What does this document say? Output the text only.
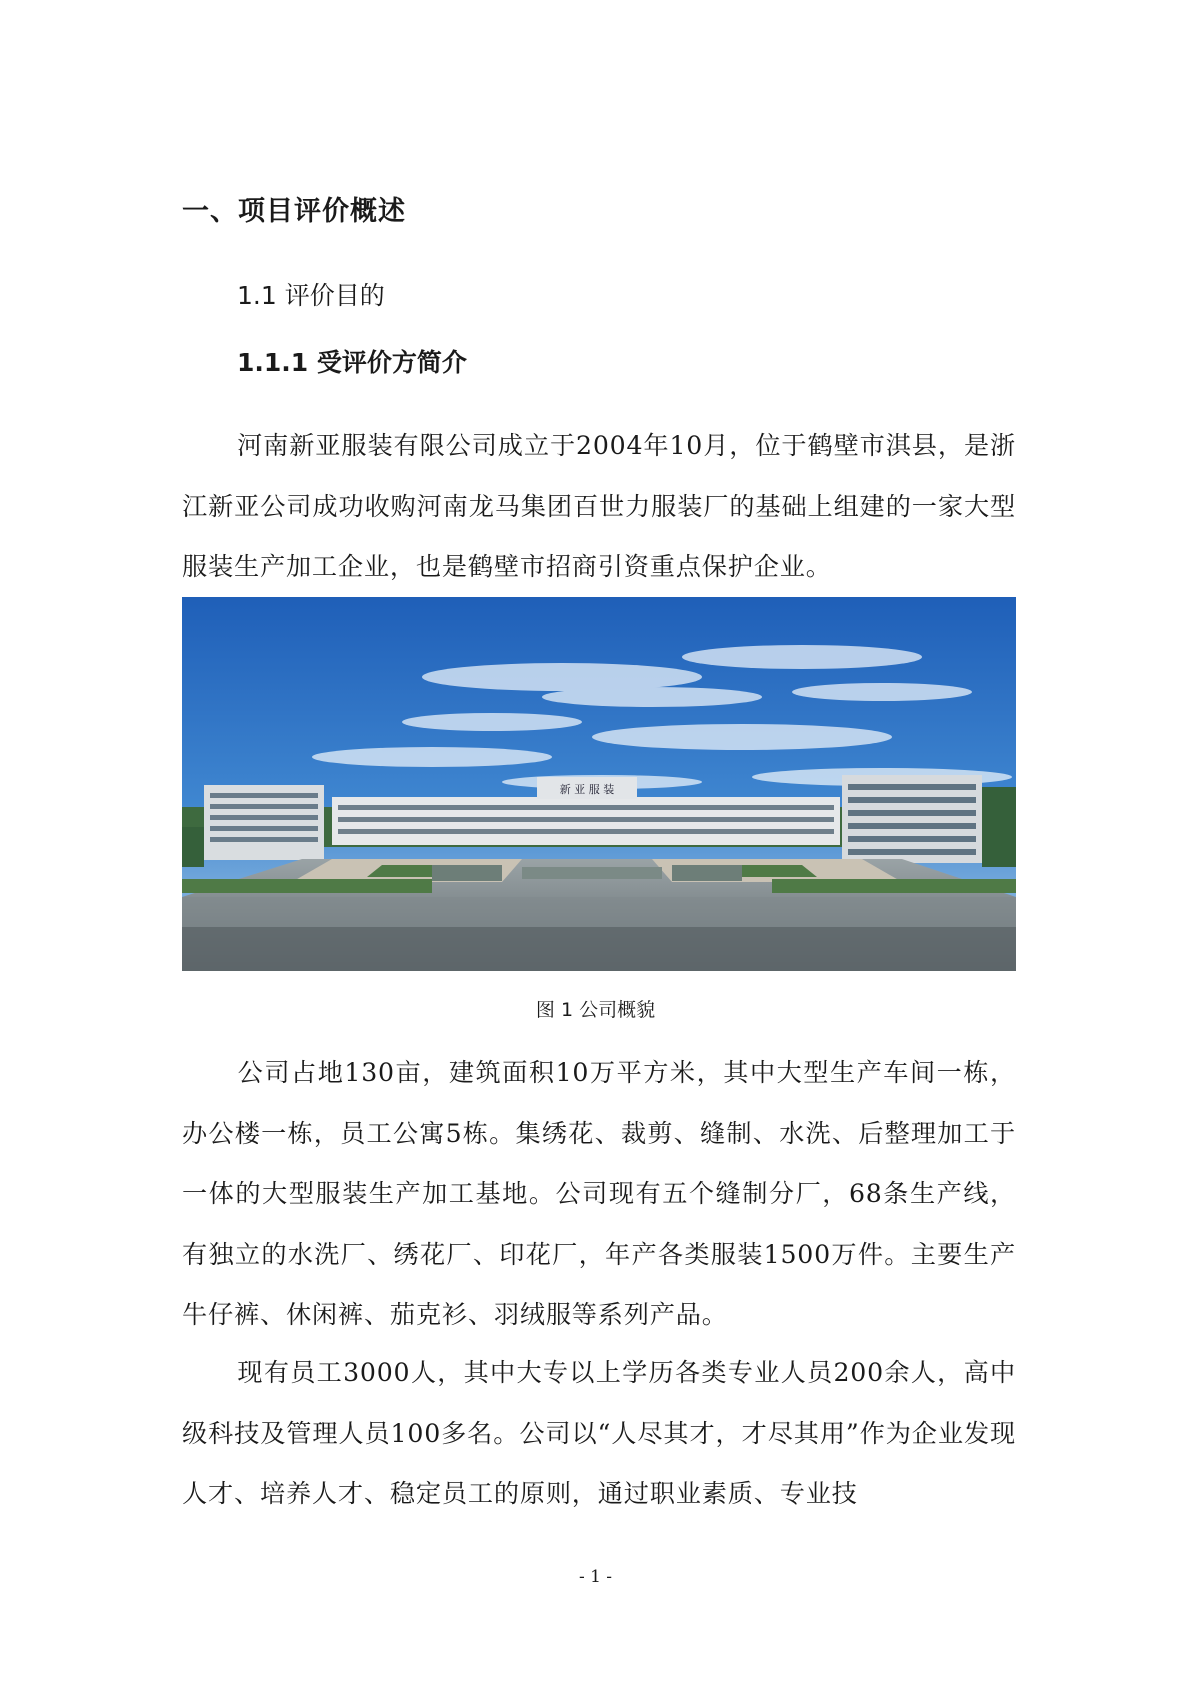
一、项目评价概述
1.1 评价目的
1.1.1 受评价方简介

河南新亚服装有限公司成立于2004年10月，位于鹤壁市淇县，是浙江新亚公司成功收购河南龙马集团百世力服装厂的基础上组建的一家大型服装生产加工企业，也是鹤壁市招商引资重点保护企业。

新 亚 服 装
图 1 公司概貌

公司占地130亩，建筑面积10万平方米，其中大型生产车间一栋，办公楼一栋，员工公寓5栋。集绣花、裁剪、缝制、水洗、后整理加工于一体的大型服装生产加工基地。公司现有五个缝制分厂，68条生产线，有独立的水洗厂、绣花厂、印花厂，年产各类服装1500万件。主要生产牛仔裤、休闲裤、茄克衫、羽绒服等系列产品。

现有员工3000人，其中大专以上学历各类专业人员200余人，高中级科技及管理人员100多名。公司以“人尽其才，才尽其用”作为企业发现人才、培养人才、稳定员工的原则，通过职业素质、专业技

- 1 -
